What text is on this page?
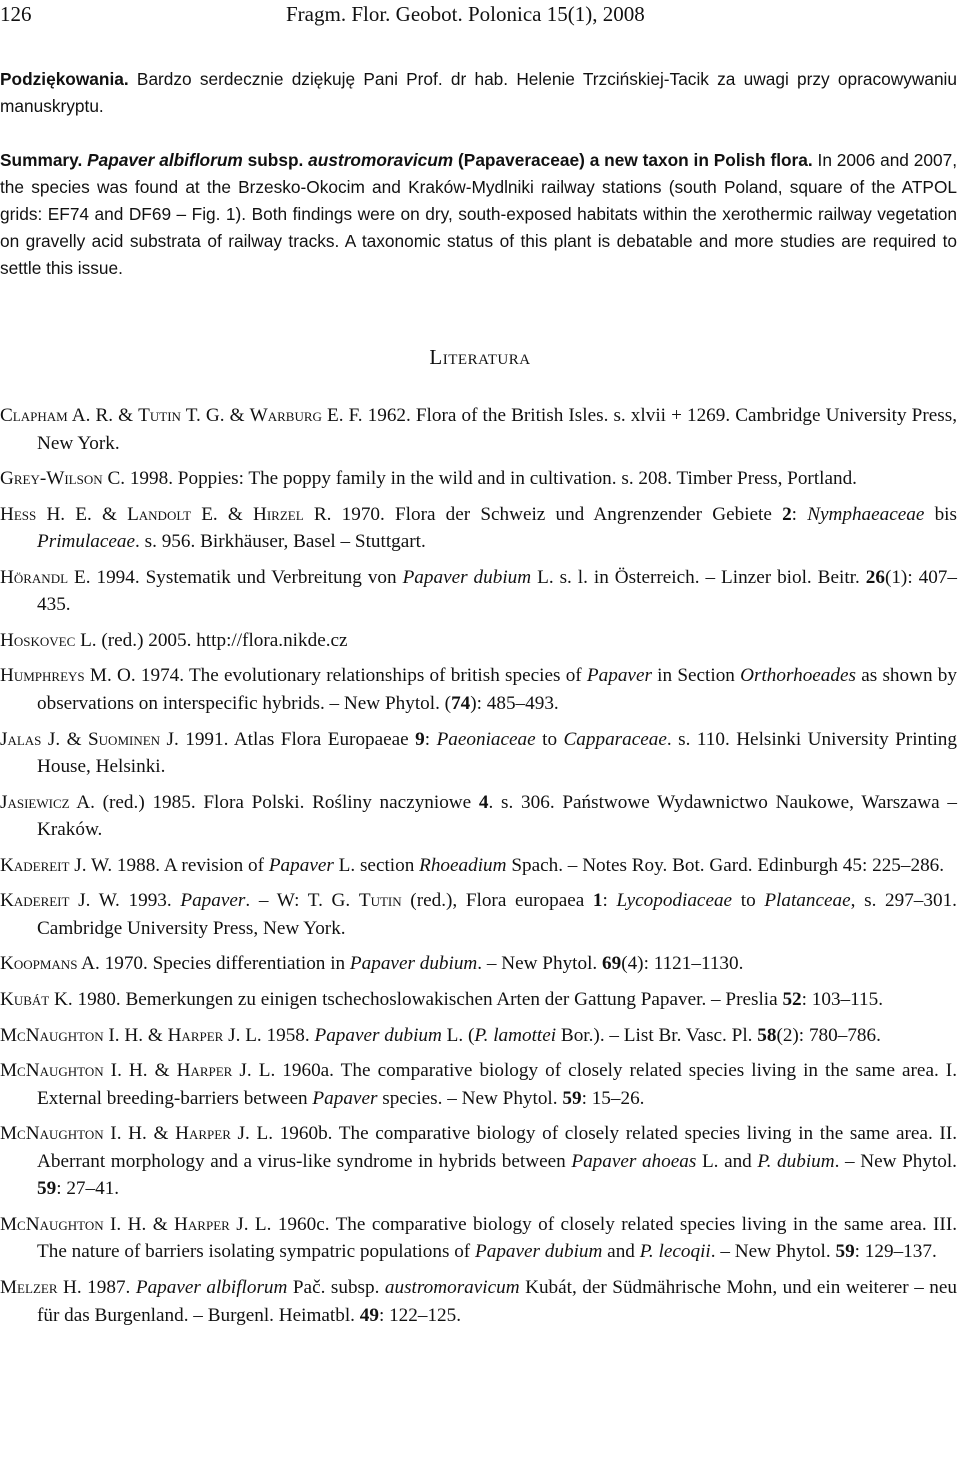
126	Fragm. Flor. Geobot. Polonica 15(1), 2008

Podziękowania. Bardzo serdecznie dziękuję Pani Prof. dr hab. Helenie Trzcińskiej-Tacik za uwagi przy opracowywaniu manuskryptu.

Summary. Papaver albiflorum subsp. austromoravicum (Papaveraceae) a new taxon in Polish flora. In 2006 and 2007, the species was found at the Brzesko-Okocim and Kraków-Mydlniki railway stations (south Poland, square of the ATPOL grids: EF74 and DF69 – Fig. 1). Both findings were on dry, south-exposed habitats within the xerothermic railway vegetation on gravelly acid substrata of railway tracks. A taxonomic status of this plant is debatable and more studies are required to settle this issue.

Literatura
Clapham A. R. & Tutin T. G. & Warburg E. F. 1962. Flora of the British Isles. s. xlvii + 1269. Cambridge University Press, New York.
Grey-Wilson C. 1998. Poppies: The poppy family in the wild and in cultivation. s. 208. Timber Press, Portland.
Hess H. E. & Landolt E. & Hirzel R. 1970. Flora der Schweiz und Angrenzender Gebiete 2: Nymphaeaceae bis Primulaceae. s. 956. Birkhäuser, Basel – Stuttgart.
Hörandl E. 1994. Systematik und Verbreitung von Papaver dubium L. s. l. in Österreich. – Linzer biol. Beitr. 26(1): 407–435.
Hoskovec L. (red.) 2005. http://flora.nikde.cz
Humphreys M. O. 1974. The evolutionary relationships of british species of Papaver in Section Orthorhoeades as shown by observations on interspecific hybrids. – New Phytol. (74): 485–493.
Jalas J. & Suominen J. 1991. Atlas Flora Europaeae 9: Paeoniaceae to Capparaceae. s. 110. Helsinki University Printing House, Helsinki.
Jasiewicz A. (red.) 1985. Flora Polski. Rośliny naczyniowe 4. s. 306. Państwowe Wydawnictwo Naukowe, Warszawa – Kraków.
Kadereit J. W. 1988. A revision of Papaver L. section Rhoeadium Spach. – Notes Roy. Bot. Gard. Edinburgh 45: 225–286.
Kadereit J. W. 1993. Papaver. – W: T. G. Tutin (red.), Flora europaea 1: Lycopodiaceae to Platanceae, s. 297–301. Cambridge University Press, New York.
Koopmans A. 1970. Species differentiation in Papaver dubium. – New Phytol. 69(4): 1121–1130.
Kubát K. 1980. Bemerkungen zu einigen tschechoslowakischen Arten der Gattung Papaver. – Preslia 52: 103–115.
McNaughton I. H. & Harper J. L. 1958. Papaver dubium L. (P. lamottei Bor.). – List Br. Vasc. Pl. 58(2): 780–786.
McNaughton I. H. & Harper J. L. 1960a. The comparative biology of closely related species living in the same area. I. External breeding-barriers between Papaver species. – New Phytol. 59: 15–26.
McNaughton I. H. & Harper J. L. 1960b. The comparative biology of closely related species living in the same area. II. Aberrant morphology and a virus-like syndrome in hybrids between Papaver ahoeas L. and P. dubium. – New Phytol. 59: 27–41.
McNaughton I. H. & Harper J. L. 1960c. The comparative biology of closely related species living in the same area. III. The nature of barriers isolating sympatric populations of Papaver dubium and P. lecoqii. – New Phytol. 59: 129–137.
Melzer H. 1987. Papaver albiflorum Pač. subsp. austromoravicum Kubát, der Südmährische Mohn, und ein weiterer – neu für das Burgenland. – Burgenl. Heimatbl. 49: 122–125.
